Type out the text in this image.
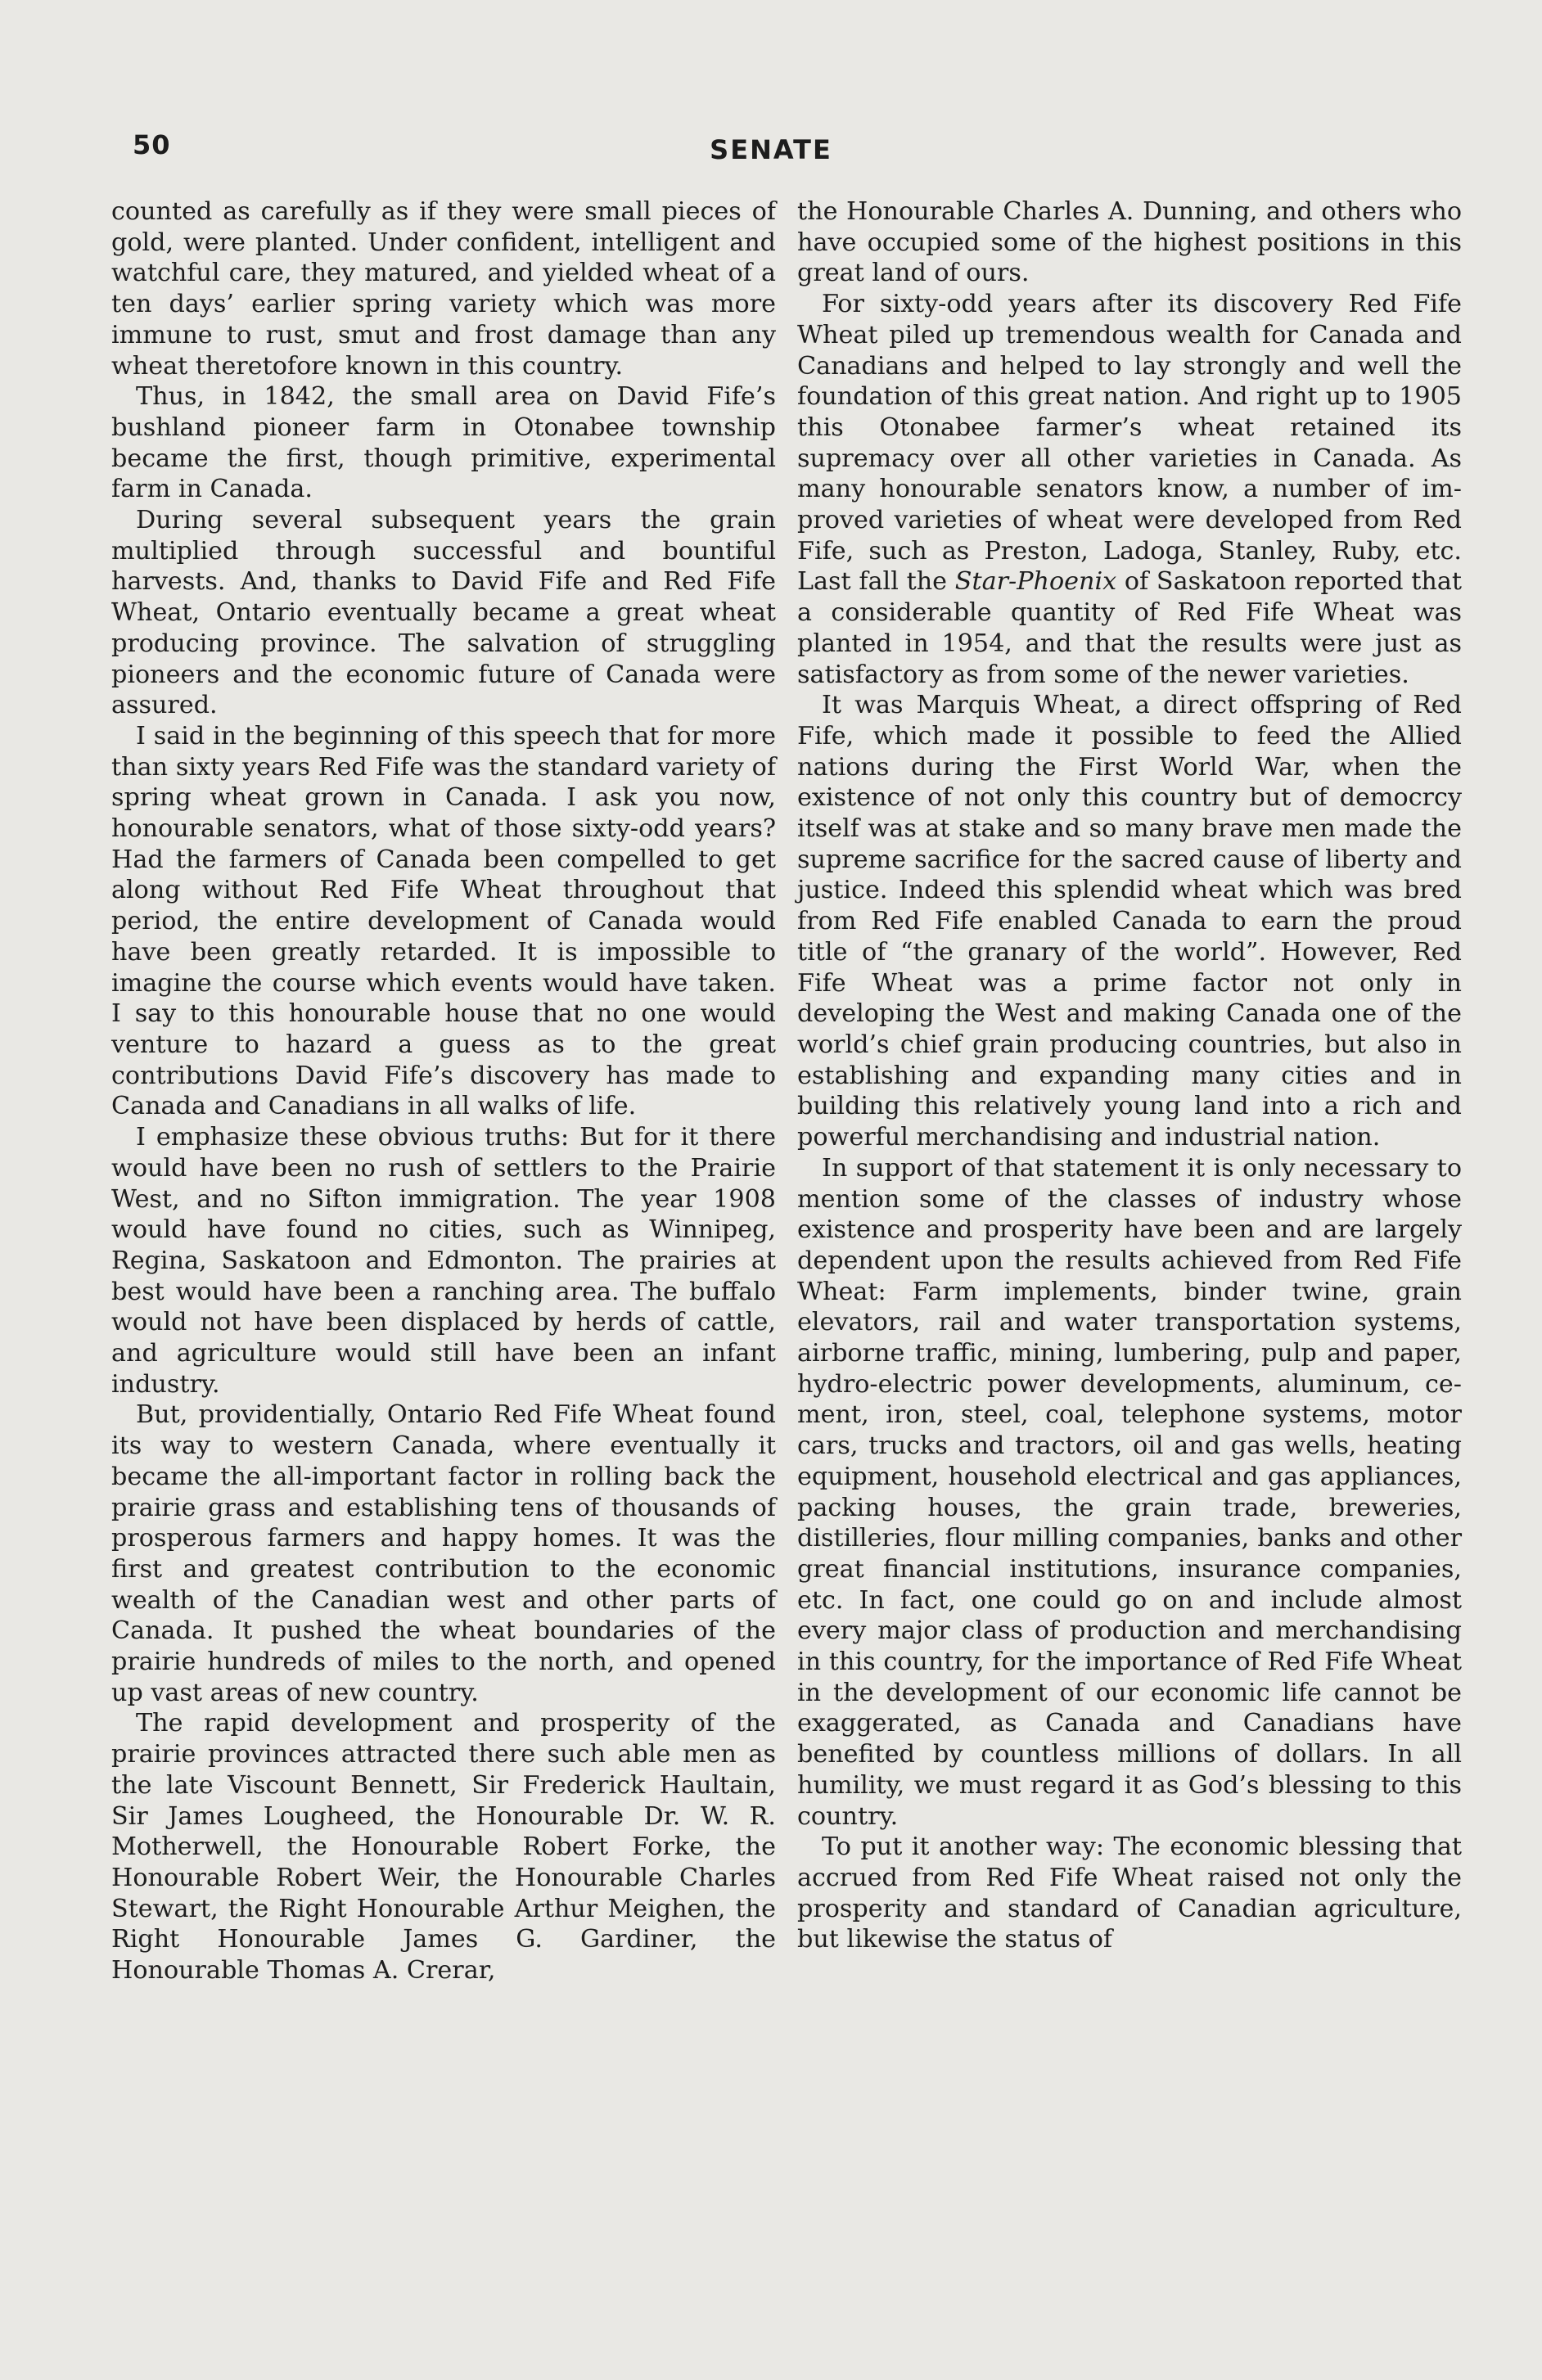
50	SENATE

counted as carefully as if they were small pieces of gold, were planted. Under confident, intelligent and watchful care, they matured, and yielded wheat of a ten days’ earlier spring variety which was more immune to rust, smut and frost damage than any wheat theretofore known in this country.

Thus, in 1842, the small area on David Fife’s bushland pioneer farm in Otonabee township became the first, though primitive, experimental farm in Canada.

During several subsequent years the grain multiplied through successful and bountiful harvests. And, thanks to David Fife and Red Fife Wheat, Ontario eventually became a great wheat producing province. The salvation of struggling pioneers and the economic future of Canada were assured.

I said in the beginning of this speech that for more than sixty years Red Fife was the standard variety of spring wheat grown in Canada. I ask you now, honourable senators, what of those sixty-odd years? Had the farmers of Canada been compelled to get along without Red Fife Wheat throughout that period, the entire development of Canada would have been greatly retarded. It is impossible to imagine the course which events would have taken. I say to this honourable house that no one would venture to hazard a guess as to the great contributions David Fife’s discovery has made to Canada and Canadians in all walks of life.

I emphasize these obvious truths: But for it there would have been no rush of settlers to the Prairie West, and no Sifton immigration. The year 1908 would have found no cities, such as Winnipeg, Regina, Saskatoon and Edmonton. The prairies at best would have been a ranching area. The buffalo would not have been displaced by herds of cattle, and agriculture would still have been an infant industry.

But, providentially, Ontario Red Fife Wheat found its way to western Canada, where eventually it became the all-important factor in rolling back the prairie grass and establishing tens of thousands of prosperous farmers and happy homes. It was the first and greatest contribution to the economic wealth of the Canadian west and other parts of Canada. It pushed the wheat boundaries of the prairie hundreds of miles to the north, and opened up vast areas of new country.

The rapid development and prosperity of the prairie provinces attracted there such able men as the late Viscount Bennett, Sir Frederick Haultain, Sir James Lougheed, the Honourable Dr. W. R. Motherwell, the Honourable Robert Forke, the Honourable Robert Weir, the Honourable Charles Stewart, the Right Honourable Arthur Meighen, the Right Honourable James G. Gardiner, the Honourable Thomas A. Crerar,

the Honourable Charles A. Dunning, and others who have occupied some of the highest positions in this great land of ours.

For sixty-odd years after its discovery Red Fife Wheat piled up tremendous wealth for Canada and Canadians and helped to lay strongly and well the foundation of this great nation. And right up to 1905 this Otonabee farmer’s wheat retained its supremacy over all other varieties in Canada. As many honourable senators know, a number of improved varieties of wheat were developed from Red Fife, such as Preston, Ladoga, Stanley, Ruby, etc. Last fall the Star-Phoenix of Saskatoon reported that a considerable quantity of Red Fife Wheat was planted in 1954, and that the results were just as satisfactory as from some of the newer varieties.

It was Marquis Wheat, a direct offspring of Red Fife, which made it possible to feed the Allied nations during the First World War, when the existence of not only this country but of democrcy itself was at stake and so many brave men made the supreme sacrifice for the sacred cause of liberty and justice. Indeed this splendid wheat which was bred from Red Fife enabled Canada to earn the proud title of “the granary of the world”. However, Red Fife Wheat was a prime factor not only in developing the West and making Canada one of the world’s chief grain producing countries, but also in establishing and expanding many cities and in building this relatively young land into a rich and powerful merchandising and industrial nation.

In support of that statement it is only necessary to mention some of the classes of industry whose existence and prosperity have been and are largely dependent upon the results achieved from Red Fife Wheat: Farm implements, binder twine, grain elevators, rail and water transportation systems, airborne traffic, mining, lumbering, pulp and paper, hydro-electric power developments, aluminum, cement, iron, steel, coal, telephone systems, motor cars, trucks and tractors, oil and gas wells, heating equipment, household electrical and gas appliances, packing houses, the grain trade, breweries, distilleries, flour milling companies, banks and other great financial institutions, insurance companies, etc. In fact, one could go on and include almost every major class of production and merchandising in this country, for the importance of Red Fife Wheat in the development of our economic life cannot be exaggerated, as Canada and Canadians have benefited by countless millions of dollars. In all humility, we must regard it as God’s blessing to this country.

To put it another way: The economic blessing that accrued from Red Fife Wheat raised not only the prosperity and standard of Canadian agriculture, but likewise the status of
